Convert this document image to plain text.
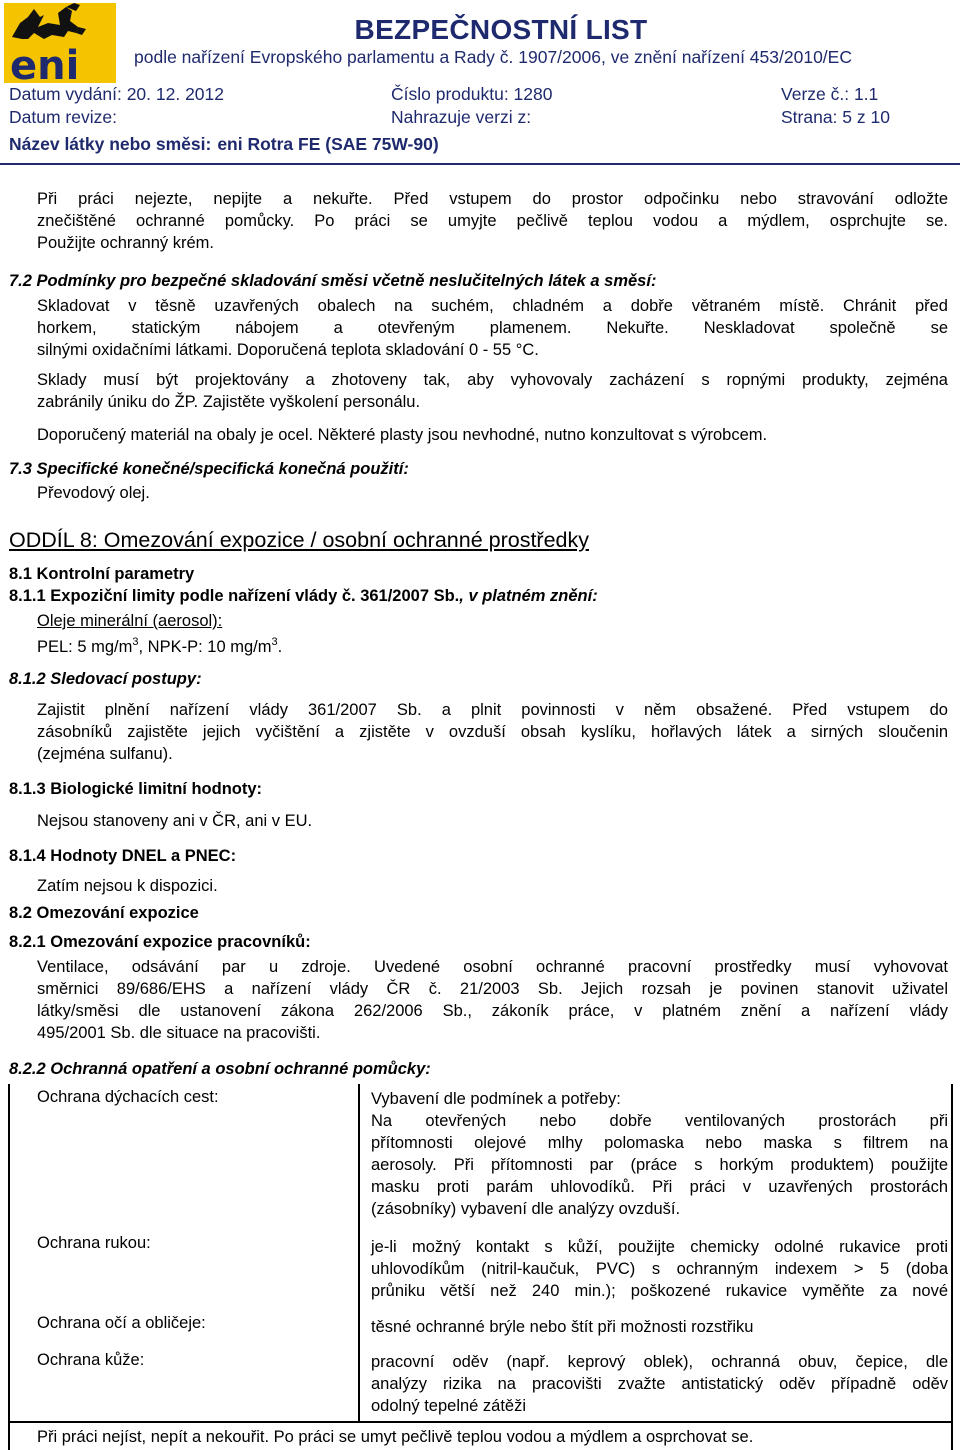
eni
BEZPEČNOSTNÍ LIST
podle nařízení Evropského parlamentu a Rady č. 1907/2006, ve znění nařízení 453/2010/EC
Datum vydání: 20. 12. 2012	Číslo produktu: 1280	Verze č.: 1.1
Datum revize:	Nahrazuje verzi z:	Strana: 5 z 10
Název látky nebo směsi: eni Rotra FE (SAE 75W-90)
Při práci nejezte, nepijte a nekuřte. Před vstupem do prostor odpočinku nebo stravování odložte
znečištěné ochranné pomůcky. Po práci se umyjte pečlivě teplou vodou a mýdlem, osprchujte se.
Použijte ochranný krém.
7.2 Podmínky pro bezpečné skladování směsi včetně neslučitelných látek a směsí:
Skladovat v těsně uzavřených obalech na suchém, chladném a dobře větraném místě. Chránit před
horkem, statickým nábojem a otevřeným plamenem. Nekuřte. Neskladovat společně se
silnými oxidačními látkami. Doporučená teplota skladování 0 - 55 °C.
Sklady musí být projektovány a zhotoveny tak, aby vyhovovaly zacházení s ropnými produkty, zejména
zabránily úniku do ŽP. Zajistěte vyškolení personálu.
Doporučený materiál na obaly je ocel. Některé plasty jsou nevhodné, nutno konzultovat s výrobcem.
7.3 Specifické konečné/specifická konečná použití:
Převodový olej.
ODDÍL 8: Omezování expozice / osobní ochranné prostředky
8.1 Kontrolní parametry
8.1.1 Expoziční limity podle nařízení vlády č. 361/2007 Sb., v platném znění:
Oleje minerální (aerosol):
PEL: 5 $mg/m^3$, NPK-P: 10 $mg/m^3$.
8.1.2 Sledovací postupy:
Zajistit plnění nařízení vlády 361/2007 Sb. a plnit povinnosti v něm obsažené. Před vstupem do
zásobníků zajistěte jejich vyčištění a zjistěte v ovzduší obsah kyslíku, hořlavých látek a sirných sloučenin
(zejména sulfanu).
8.1.3 Biologické limitní hodnoty:
Nejsou stanoveny ani v ČR, ani v EU.
8.1.4 Hodnoty DNEL a PNEC:
Zatím nejsou k dispozici.
8.2 Omezování expozice
8.2.1 Omezování expozice pracovníků:
Ventilace, odsávání par u zdroje. Uvedené osobní ochranné pracovní prostředky musí vyhovovat
směrnici 89/686/EHS a nařízení vlády ČR č. 21/2003 Sb. Jejich rozsah je povinen stanovit uživatel
látky/směsi dle ustanovení zákona 262/2006 Sb., zákoník práce, v platném znění a nařízení vlády
495/2001 Sb. dle situace na pracovišti.
8.2.2 Ochranná opatření a osobní ochranné pomůcky:
Ochrana dýchacích cest:	Vybavení dle podmínek a potřeby:
Na otevřených nebo dobře ventilovaných prostorách při
přítomnosti olejové mlhy polomaska nebo maska s filtrem na
aerosoly. Při přítomnosti par (práce s horkým produktem) použijte
masku proti parám uhlovodíků. Při práci v uzavřených prostorách
(zásobníky) vybavení dle analýzy ovzduší.
Ochrana rukou:	je-li možný kontakt s kůží, použijte chemicky odolné rukavice proti
uhlovodíkům (nitril-kaučuk, PVC) s ochranným indexem > 5 (doba
průniku větší než 240 min.); poškozené rukavice vyměňte za nové
Ochrana očí a obličeje:	těsné ochranné brýle nebo štít při možnosti rozstřiku
Ochrana kůže:	pracovní oděv (např. keprový oblek), ochranná obuv, čepice, dle
analýzy rizika na pracovišti zvažte antistatický oděv případně oděv
odolný tepelné zátěži
Při práci nejíst, nepít a nekouřit. Po práci se umyt pečlivě teplou vodou a mýdlem a osprchovat se.
